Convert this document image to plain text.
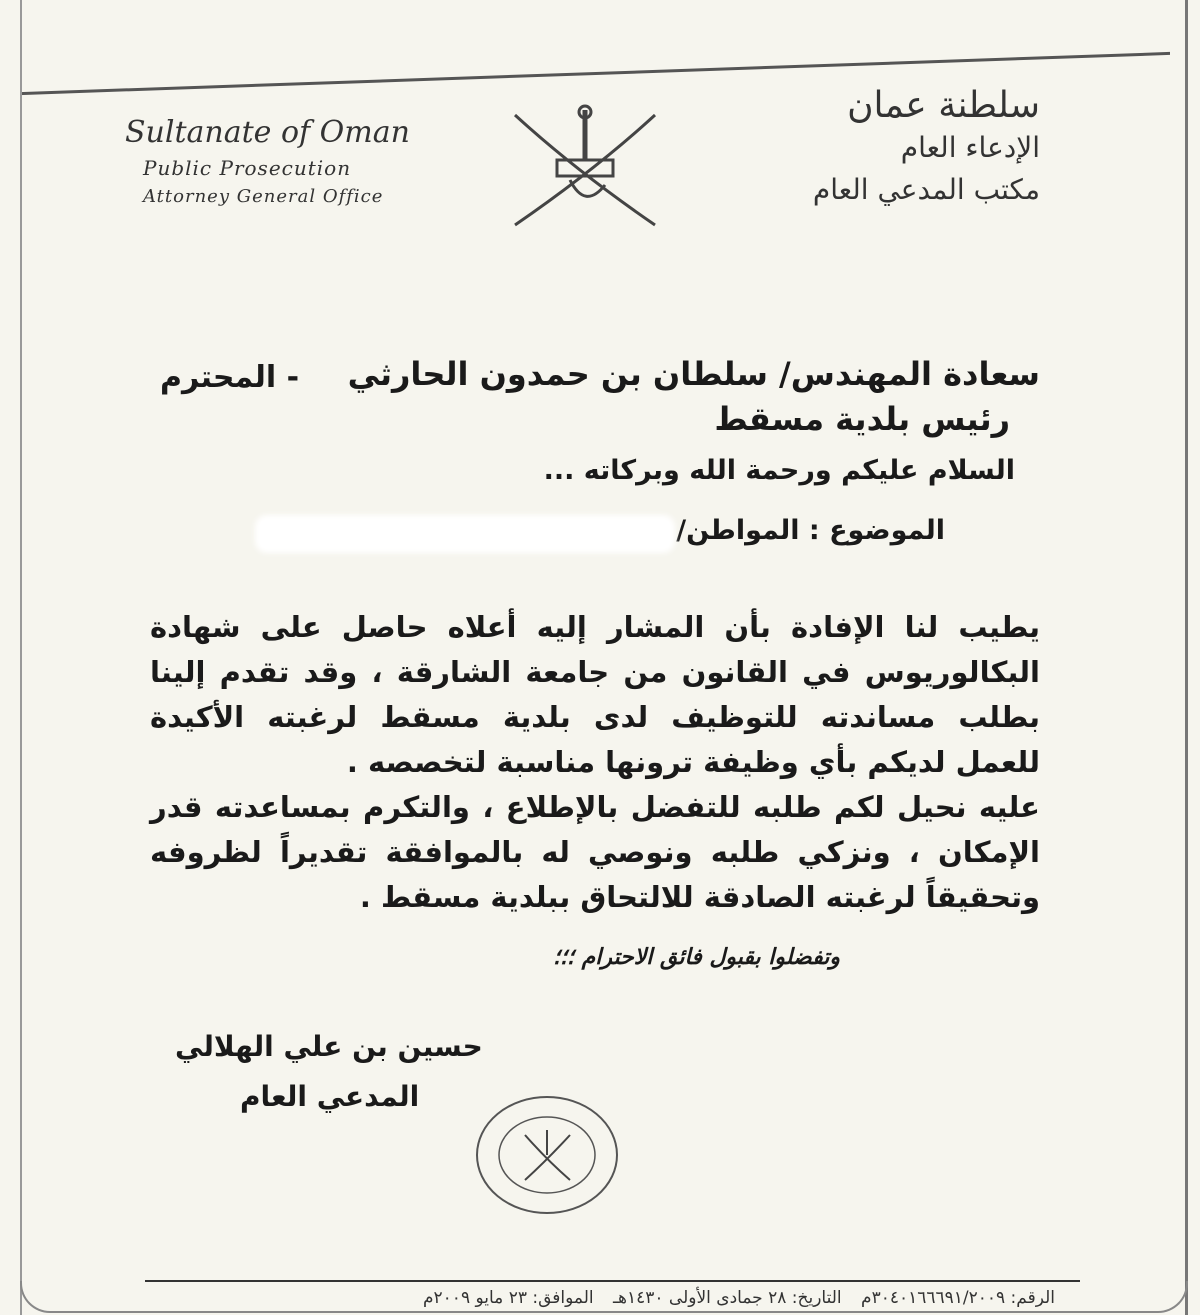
Sultanate of Oman
Public Prosecution
Attorney General Office
سلطنة عمان
الإدعاء العام
مكتب المدعي العام
سعادة المهندس/ سلطان بن حمدون الحارثي
- المحترم
رئيس بلدية مسقط
السلام عليكم ورحمة الله وبركاته ...
الموضوع : المواطن/
يطيب لنا الإفادة بأن المشار إليه أعلاه حاصل على شهادة البكالوريوس في القانون من جامعة الشارقة ، وقد تقدم إلينا بطلب مساندته للتوظيف لدى بلدية مسقط لرغبته الأكيدة للعمل لديكم بأي وظيفة ترونها مناسبة لتخصصه .
عليه نحيل لكم طلبه للتفضل بالإطلاع ، والتكرم بمساعدته قدر الإمكان ، ونزكي طلبه ونوصي له بالموافقة تقديراً لظروفه وتحقيقاً لرغبته الصادقة للالتحاق ببلدية مسقط .
وتفضلوا بقبول فائق الاحترام ؛؛؛
حسين بن علي الهلالي
المدعي العام
الرقم: ٣٠٤٠١٦٦٦٩١/٢٠٠٩م التاريخ: ٢٨ جمادى الأولى ١٤٣٠هـ الموافق: ٢٣ مايو ٢٠٠٩م
